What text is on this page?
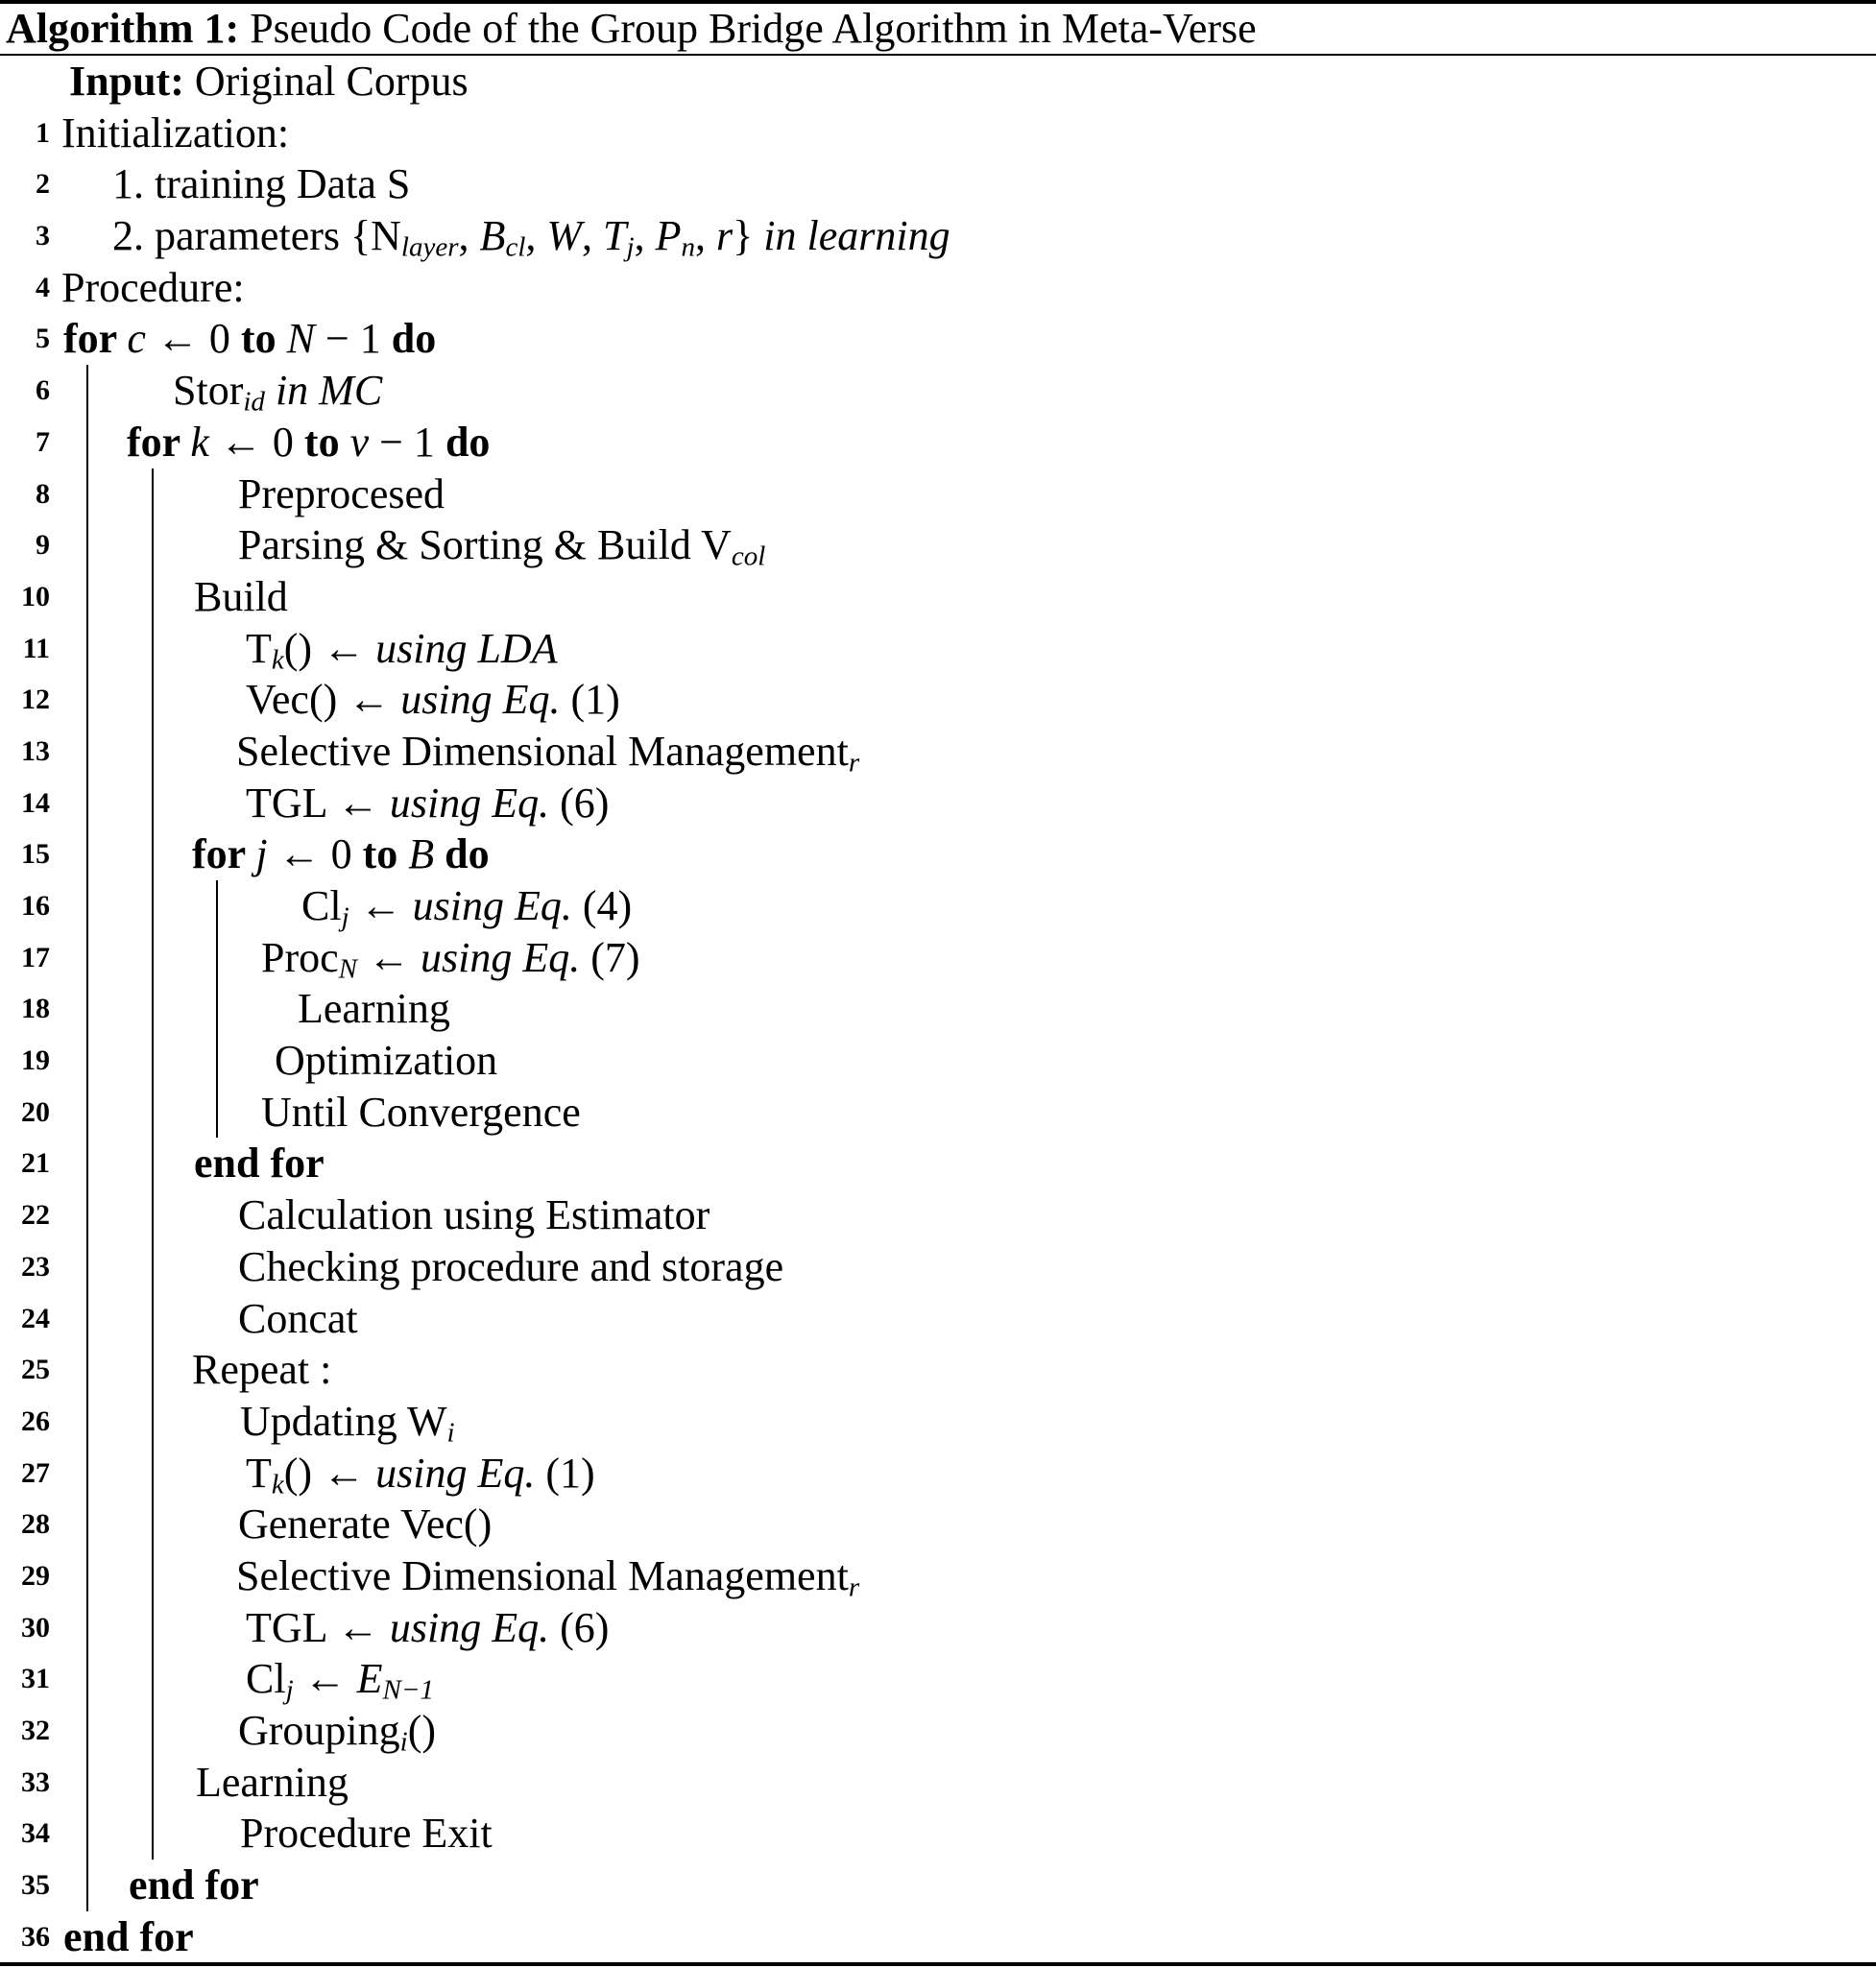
Algorithm 1: Pseudo Code of the Group Bridge Algorithm in Meta-Verse
Input: Original Corpus
1 Initialization:
2 1. training Data S
3 2. parameters {$N_{layer}$, $B_{cl}$, W, $T_j$, $P_n$, r} in learning
4 Procedure:
5 for c ← 0 to N − 1 do
6	Stor$_{id}$ in MC
7 for k ← 0 to v − 1 do
8	Preprocesed
9	Parsing & Sorting & Build $V_{col}$
10	Build
11	$T_k()$ ← using LDA
12	Vec() ← using Eq. (1)
13	Selective Dimensional Management$_r$
14	TGL ← using Eq. (6)
15	for j ← 0 to B do
16	$Cl_j$ ← using Eq. (4)
17	Proc$_N$ ← using Eq. (7)
18	Learning
19	Optimization
20	Until Convergence
21	end for
22	Calculation using Estimator
23	Checking procedure and storage
24	Concat
25	Repeat :
26	Updating $W_i$
27	$T_k()$ ← using Eq. (1)
28	Generate Vec()
29	Selective Dimensional Management$_r$
30	TGL ← using Eq. (6)
31	$Cl_j$ ← $E_{N-1}$
32	Grouping$_i$()
33	Learning
34	Procedure Exit
35 end for
36 end for
